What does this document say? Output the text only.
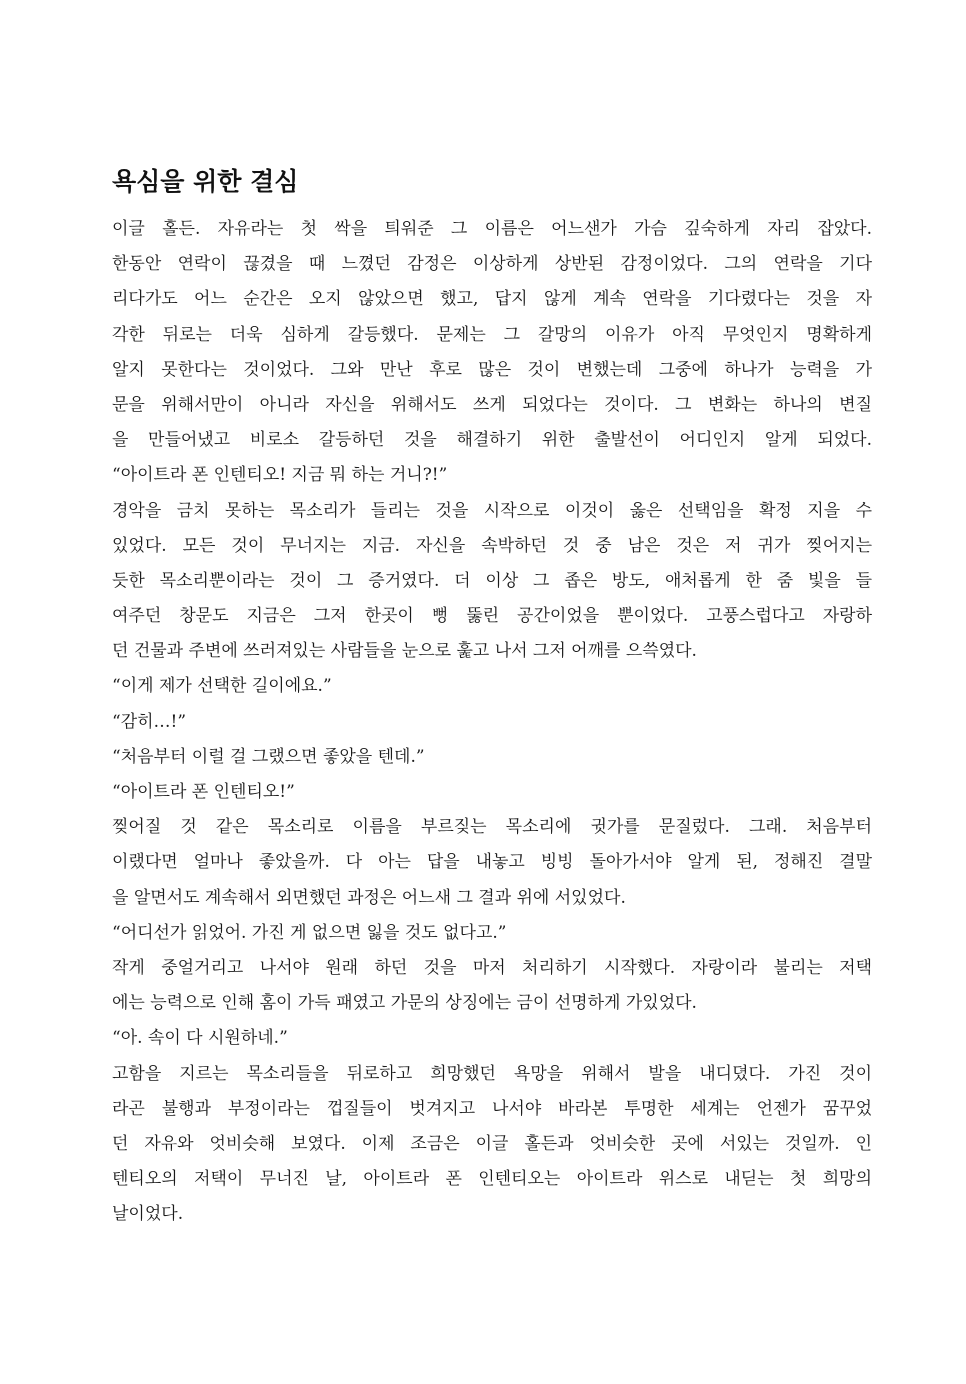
욕심을 위한 결심
이글 홀든. 자유라는 첫 싹을 틔워준 그 이름은 어느샌가 가슴 깊숙하게 자리 잡았다.
한동안 연락이 끊겼을 때 느꼈던 감정은 이상하게 상반된 감정이었다. 그의 연락을 기다
리다가도 어느 순간은 오지 않았으면 했고, 답지 않게 계속 연락을 기다렸다는 것을 자
각한 뒤로는 더욱 심하게 갈등했다. 문제는 그 갈망의 이유가 아직 무엇인지 명확하게
알지 못한다는 것이었다. 그와 만난 후로 많은 것이 변했는데 그중에 하나가 능력을 가
문을 위해서만이 아니라 자신을 위해서도 쓰게 되었다는 것이다. 그 변화는 하나의 변질
을 만들어냈고 비로소 갈등하던 것을 해결하기 위한 출발선이 어디인지 알게 되었다.
“아이트라 폰 인텐티오! 지금 뭐 하는 거니?!”
경악을 금치 못하는 목소리가 들리는 것을 시작으로 이것이 옳은 선택임을 확정 지을 수
있었다. 모든 것이 무너지는 지금. 자신을 속박하던 것 중 남은 것은 저 귀가 찢어지는
듯한 목소리뿐이라는 것이 그 증거였다. 더 이상 그 좁은 방도, 애처롭게 한 줌 빛을 들
여주던 창문도 지금은 그저 한곳이 뻥 뚫린 공간이었을 뿐이었다. 고풍스럽다고 자랑하
던 건물과 주변에 쓰러져있는 사람들을 눈으로 훑고 나서 그저 어깨를 으쓱였다.
“이게 제가 선택한 길이에요.”
“감히…!”
“처음부터 이럴 걸 그랬으면 좋았을 텐데.”
“아이트라 폰 인텐티오!”
찢어질 것 같은 목소리로 이름을 부르짖는 목소리에 귓가를 문질렀다. 그래. 처음부터
이랬다면 얼마나 좋았을까. 다 아는 답을 내놓고 빙빙 돌아가서야 알게 된, 정해진 결말
을 알면서도 계속해서 외면했던 과정은 어느새 그 결과 위에 서있었다.
“어디선가 읽었어. 가진 게 없으면 잃을 것도 없다고.”
작게 중얼거리고 나서야 원래 하던 것을 마저 처리하기 시작했다. 자랑이라 불리는 저택
에는 능력으로 인해 홈이 가득 패였고 가문의 상징에는 금이 선명하게 가있었다.
“아. 속이 다 시원하네.”
고함을 지르는 목소리들을 뒤로하고 희망했던 욕망을 위해서 발을 내디뎠다. 가진 것이
라곤 불행과 부정이라는 껍질들이 벗겨지고 나서야 바라본 투명한 세계는 언젠가 꿈꾸었
던 자유와 엇비슷해 보였다. 이제 조금은 이글 홀든과 엇비슷한 곳에 서있는 것일까. 인
텐티오의 저택이 무너진 날, 아이트라 폰 인텐티오는 아이트라 위스로 내딛는 첫 희망의
날이었다.
